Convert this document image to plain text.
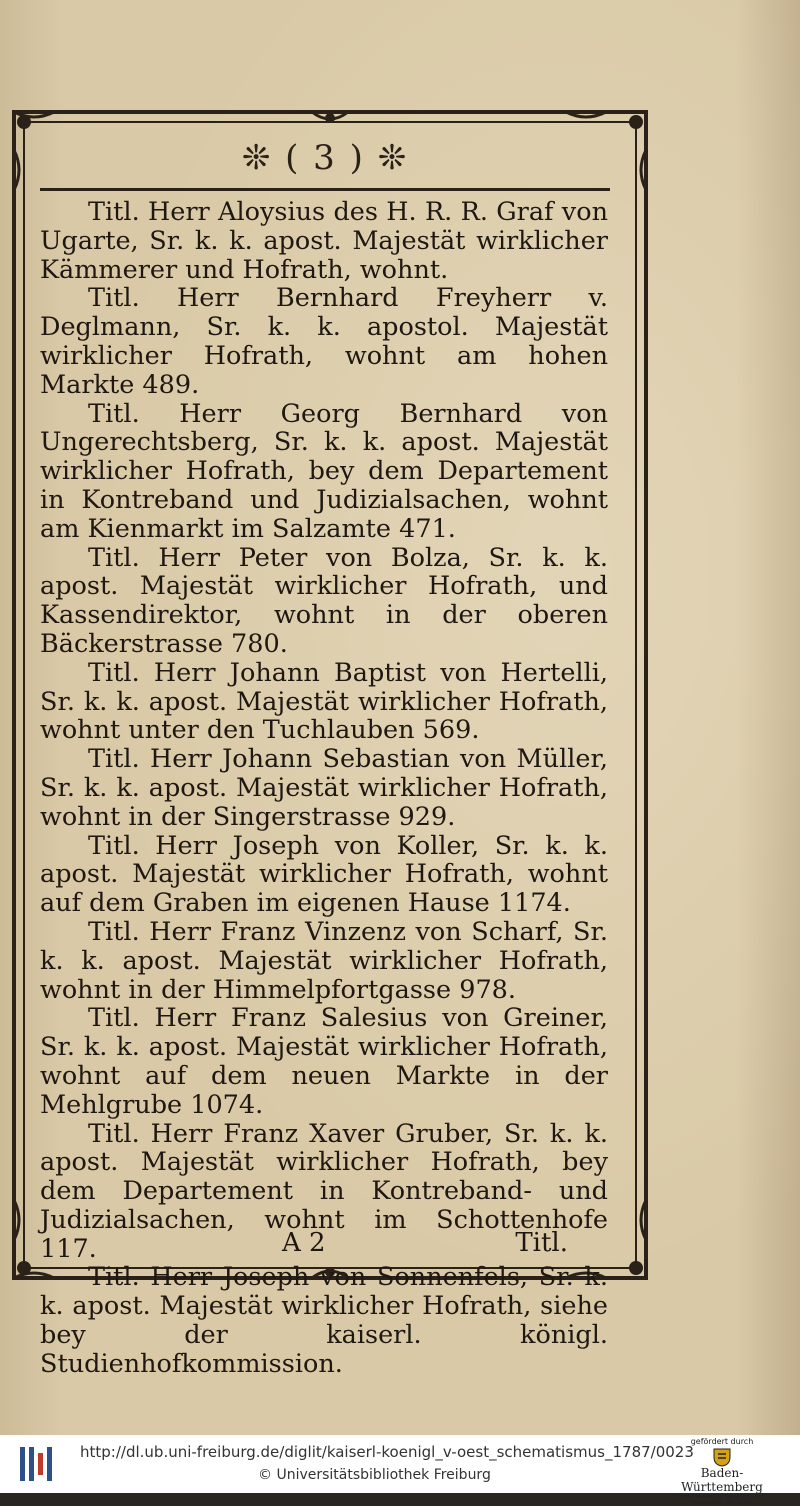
❊ ( 3 ) ❊

Titl. Herr Aloysius des H. R. R. Graf von Ugarte, Sr. k. k. apost. Majestät wirklicher Kämmerer und Hofrath, wohnt.

Titl. Herr Bernhard Freyherr v. Deglmann, Sr. k. k. apostol. Majestät wirklicher Hofrath, wohnt am hohen Markte 489.

Titl. Herr Georg Bernhard von Ungerechtsberg, Sr. k. k. apost. Majestät wirklicher Hofrath, bey dem Departement in Kontreband und Judizialsachen, wohnt am Kienmarkt im Salzamte 471.

Titl. Herr Peter von Bolza, Sr. k. k. apost. Majestät wirklicher Hofrath, und Kassendirektor, wohnt in der oberen Bäckerstrasse 780.

Titl. Herr Johann Baptist von Hertelli, Sr. k. k. apost. Majestät wirklicher Hofrath, wohnt unter den Tuchlauben 569.

Titl. Herr Johann Sebastian von Müller, Sr. k. k. apost. Majestät wirklicher Hofrath, wohnt in der Singerstrasse 929.

Titl. Herr Joseph von Koller, Sr. k. k. apost. Majestät wirklicher Hofrath, wohnt auf dem Graben im eigenen Hause 1174.

Titl. Herr Franz Vinzenz von Scharf, Sr. k. k. apost. Majestät wirklicher Hofrath, wohnt in der Himmelpfortgasse 978.

Titl. Herr Franz Salesius von Greiner, Sr. k. k. apost. Majestät wirklicher Hofrath, wohnt auf dem neuen Markte in der Mehlgrube 1074.

Titl. Herr Franz Xaver Gruber, Sr. k. k. apost. Majestät wirklicher Hofrath, bey dem Departement in Kontreband- und Judizialsachen, wohnt im Schottenhofe 117.

Titl. Herr Joseph von Sonnenfels, Sr. k. k. apost. Majestät wirklicher Hofrath, siehe bey der kaiserl. königl. Studienhofkommission.

A 2	Titl.
http://dl.ub.uni-freiburg.de/diglit/kaiserl-koenigl_v-oest_schematismus_1787/0023
© Universitätsbibliothek Freiburg
gefördert durch
Baden-Württemberg
MINISTERIUM FÜR WISSENSCHAFT, FORSCHUNG UND KUNST
